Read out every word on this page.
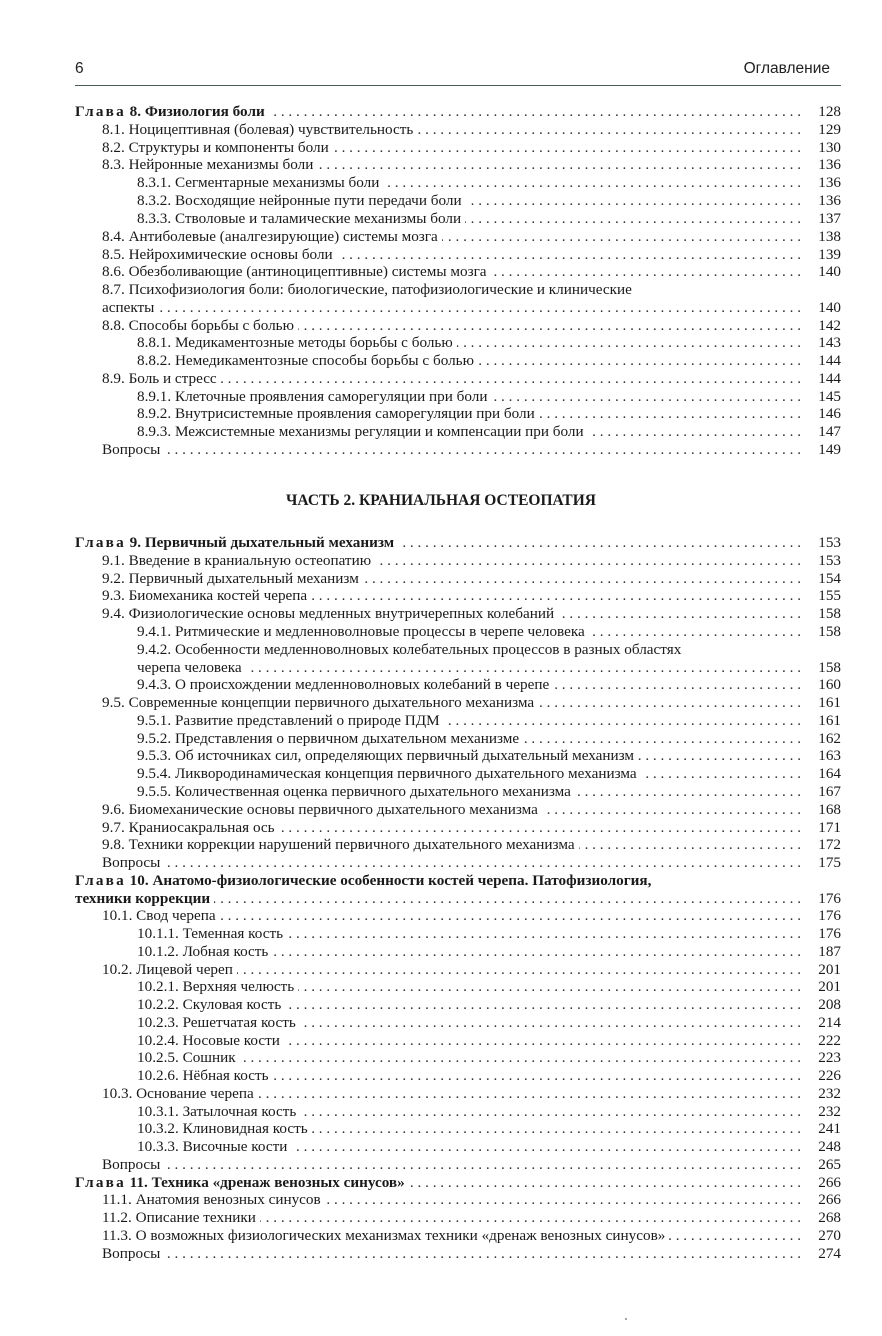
6	Оглавление
Глава 8. Физиология боли . . .	128
8.1. Ноцицептивная (болевая) чувствительность . . .	129
8.2. Структуры и компоненты боли . . .	130
8.3. Нейронные механизмы боли . . .	136
8.3.1. Сегментарные механизмы боли . . .	136
8.3.2. Восходящие нейронные пути передачи боли . . .	136
8.3.3. Стволовые и таламические механизмы боли . . .	137
8.4. Антиболевые (аналгезирующие) системы мозга . . .	138
8.5. Нейрохимические основы боли . . .	139
8.6. Обезболивающие (антиноцицептивные) системы мозга . . .	140
8.7. Психофизиология боли: биологические, патофизиологические и клинические
аспекты . . .	140
8.8. Способы борьбы с болью . . .	142
8.8.1. Медикаментозные методы борьбы с болью . . .	143
8.8.2. Немедикаментозные способы борьбы с болью . . .	144
8.9. Боль и стресс . . .	144
8.9.1. Клеточные проявления саморегуляции при боли . . .	145
8.9.2. Внутрисистемные проявления саморегуляции при боли . . .	146
8.9.3. Межсистемные механизмы регуляции и компенсации при боли . . .	147
Вопросы . . .	149
ЧАСТЬ 2. КРАНИАЛЬНАЯ ОСТЕОПАТИЯ
Глава 9. Первичный дыхательный механизм . . .	153
9.1. Введение в краниальную остеопатию . . .	153
9.2. Первичный дыхательный механизм . . .	154
9.3. Биомеханика костей черепа . . .	155
9.4. Физиологические основы медленных внутричерепных колебаний . . .	158
9.4.1. Ритмические и медленноволновые процессы в черепе человека . . .	158
9.4.2. Особенности медленноволновых колебательных процессов в разных областях
черепа человека . . .	158
9.4.3. О происхождении медленноволновых колебаний в черепе . . .	160
9.5. Современные концепции первичного дыхательного механизма . . .	161
9.5.1. Развитие представлений о природе ПДМ . . .	161
9.5.2. Представления о первичном дыхательном механизме . . .	162
9.5.3. Об источниках сил, определяющих первичный дыхательный механизм . . .	163
9.5.4. Ликвородинамическая концепция первичного дыхательного механизма . . .	164
9.5.5. Количественная оценка первичного дыхательного механизма . . .	167
9.6. Биомеханические основы первичного дыхательного механизма . . .	168
9.7. Краниосакральная ось . . .	171
9.8. Техники коррекции нарушений первичного дыхательного механизма . . .	172
Вопросы . . .	175
Глава 10. Анатомо-физиологические особенности костей черепа. Патофизиология,
техники коррекции . . .	176
10.1. Свод черепа . . .	176
10.1.1. Теменная кость . . .	176
10.1.2. Лобная кость . . .	187
10.2. Лицевой череп . . .	201
10.2.1. Верхняя челюсть . . .	201
10.2.2. Скуловая кость . . .	208
10.2.3. Решетчатая кость . . .	214
10.2.4. Носовые кости . . .	222
10.2.5. Сошник . . .	223
10.2.6. Нёбная кость . . .	226
10.3. Основание черепа . . .	232
10.3.1. Затылочная кость . . .	232
10.3.2. Клиновидная кость . . .	241
10.3.3. Височные кости . . .	248
Вопросы . . .	265
Глава 11. Техника «дренаж венозных синусов» . . .	266
11.1. Анатомия венозных синусов . . .	266
11.2. Описание техники . . .	268
11.3. О возможных физиологических механизмах техники «дренаж венозных синусов» . . .	270
Вопросы . . .	274
